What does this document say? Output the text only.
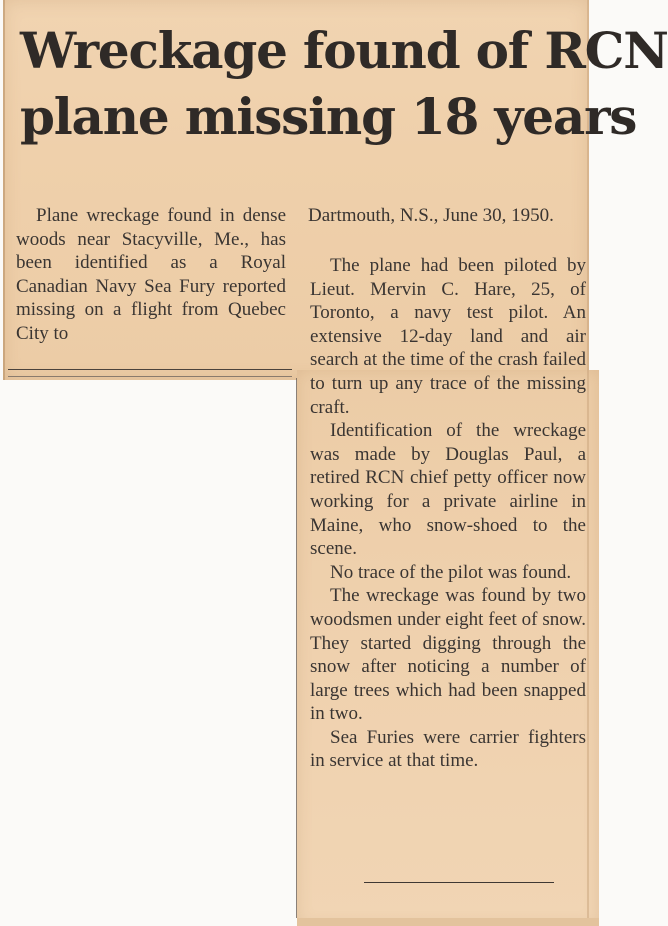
Wreckage found of RCN
plane missing 18 years

Plane wreckage found in dense woods near Stacyville, Me., has been identified as a Royal Canadian Navy Sea Fury reported missing on a flight from Quebec City to

Dartmouth, N.S., June 30, 1950.

The plane had been piloted by Lieut. Mervin C. Hare, 25, of Toronto, a navy test pilot. An extensive 12-day land and air search at the time of the crash failed to turn up any trace of the missing craft.

Identification of the wreckage was made by Douglas Paul, a retired RCN chief petty officer now working for a private airline in Maine, who snow-shoed to the scene.

No trace of the pilot was found.

The wreckage was found by two woodsmen under eight feet of snow. They started digging through the snow after noticing a number of large trees which had been snapped in two.

Sea Furies were carrier fighters in service at that time.
